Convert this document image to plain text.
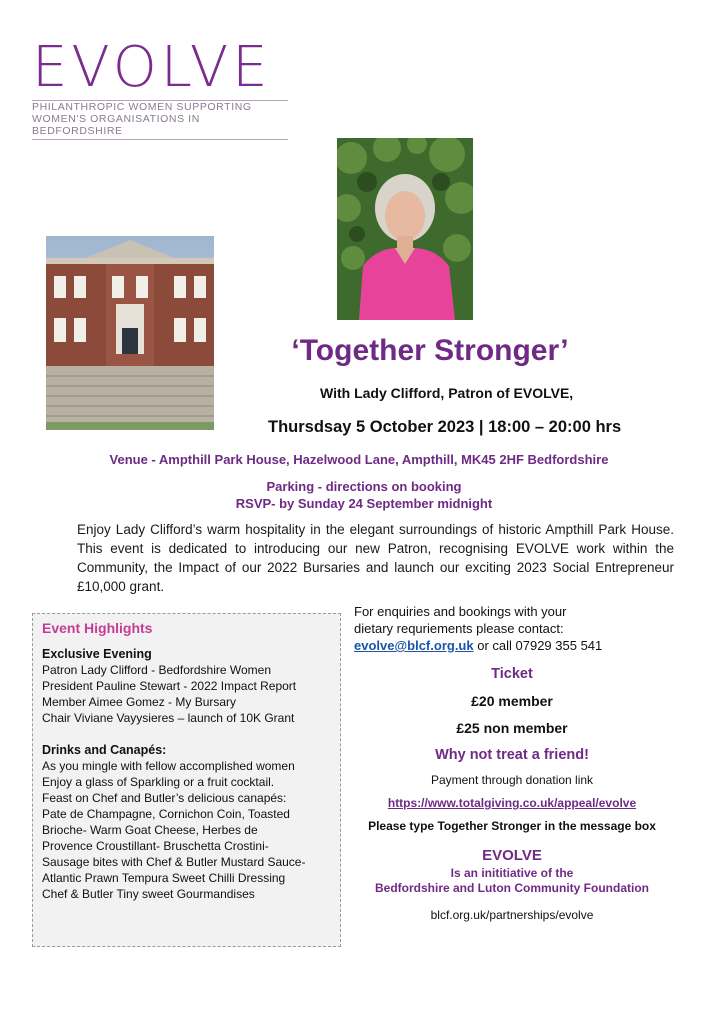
EVOLVE
PHILANTHROPIC WOMEN SUPPORTING
WOMEN'S ORGANISATIONS IN BEDFORDSHIRE
‘Together Stronger’
With Lady Clifford, Patron of EVOLVE,
Thursdsay 5 October 2023 | 18:00 – 20:00 hrs
Venue - Ampthill Park House, Hazelwood Lane, Ampthill, MK45 2HF Bedfordshire
Parking - directions on booking
RSVP- by Sunday 24 September midnight

Enjoy Lady Clifford’s warm hospitality in the elegant surroundings of historic Ampthill Park House. This event is dedicated to introducing our new Patron, recognising EVOLVE work within the Community, the Impact of our 2022 Bursaries and launch our exciting 2023 Social Entrepreneur £10,000 grant.

Event Highlights
Exclusive Evening
Patron Lady Clifford - Bedfordshire Women
President Pauline Stewart - 2022 Impact Report
Member Aimee Gomez - My Bursary
Chair Viviane Vayysieres – launch of 10K Grant
Drinks and Canapés:
As you mingle with fellow accomplished women
Enjoy a glass of Sparkling or a fruit cocktail.
Feast on Chef and Butler’s delicious canapés:
Pate de Champagne, Cornichon Coin, Toasted
Brioche- Warm Goat Cheese, Herbes de
Provence Croustillant- Bruschetta Crostini-
Sausage bites with Chef & Butler Mustard Sauce-
Atlantic Prawn Tempura Sweet Chilli Dressing
Chef & Butler Tiny sweet Gourmandises
For enquiries and bookings with your
dietary requriements please contact:
evolve@blcf.org.uk or call 07929 355 541
Ticket
£20 member
£25 non member
Why not treat a friend!
Payment through donation link
https://www.totalgiving.co.uk/appeal/evolve
Please type Together Stronger in the message box
EVOLVE
Is an inititiative of the
Bedfordshire and Luton Community Foundation
blcf.org.uk/partnerships/evolve
